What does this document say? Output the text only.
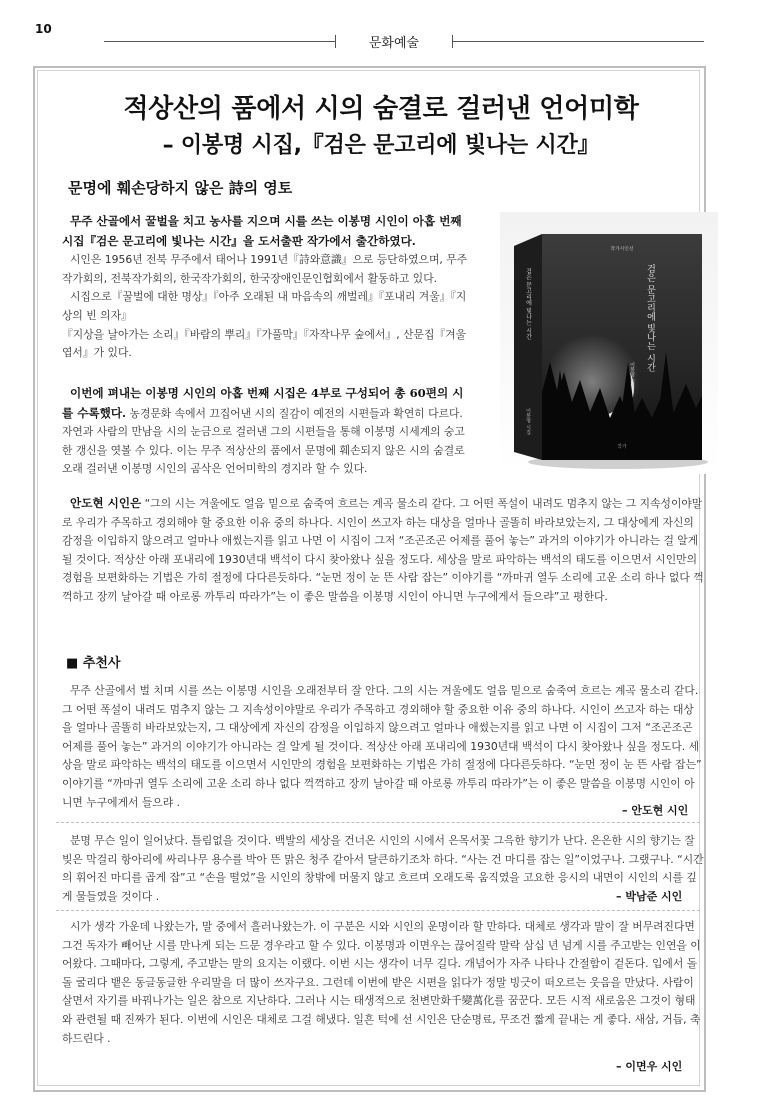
10
문화예술
적상산의 품에서 시의 숨결로 걸러낸 언어미학
– 이봉명 시집,『검은 문고리에 빛나는 시간』
문명에 훼손당하지 않은 詩의 영토

무주 산골에서 꿀벌을 치고 농사를 지으며 시를 쓰는 이봉명 시인이 아홉 번째 시집『검은 문고리에 빛나는 시간』을 도서출판 작가에서 출간하였다.

시인은 1956년 전북 무주에서 태어나 1991년『詩와意識』으로 등단하였으며, 무주작가회의, 전북작가회의, 한국작가회의, 한국장애인문인협회에서 활동하고 있다.

시집으로『꿀벌에 대한 명상』『아주 오래된 내 마음속의 깨벌레』『포내리 겨울』『지상의 빈 의자』

『지상을 날아가는 소리』『바람의 뿌리』『가풀막』『자작나무 숲에서』, 산문집『겨울엽서』가 있다.

이번에 펴내는 이봉명 시인의 아홉 번째 시집은 4부로 구성되어 총 60편의 시를 수록했다. 농경문화 속에서 끄집어낸 시의 질감이 예전의 시편들과 확연히 다르다. 자연과 사람의 만남을 시의 눈금으로 걸러낸 그의 시편들을 통해 이봉명 시세계의 숭고한 갱신을 엿볼 수 있다. 이는 무주 적상산의 품에서 문명에 훼손되지 않은 시의 숨결로 오래 걸러낸 이봉명 시인의 곰삭은 언어미학의 경지라 할 수 있다.

검은 문고리에 빛나는 시간
이봉명 시집
작가시인선
검은 문고리에 빛나는 시간
이봉명 시집
작가

안도현 시인은 “그의 시는 겨울에도 얼음 밑으로 숨죽여 흐르는 계곡 물소리 같다. 그 어떤 폭설이 내려도 멈추지 않는 그 지속성이야말로 우리가 주목하고 경외해야 할 중요한 이유 중의 하나다. 시인이 쓰고자 하는 대상을 얼마나 골똘히 바라보았는지, 그 대상에게 자신의 감정을 이입하지 않으려고 얼마나 애썼는지를 읽고 나면 이 시집이 그저 “조곤조곤 어제를 풀어 놓는” 과거의 이야기가 아니라는 걸 알게 될 것이다. 적상산 아래 포내리에 1930년대 백석이 다시 찾아왔나 싶을 정도다. 세상을 말로 파악하는 백석의 태도를 이으면서 시인만의 경험을 보편화하는 기법은 가히 절정에 다다른듯하다. “눈먼 정이 눈 뜬 사람 잡는” 이야기를 “까마귀 열두 소리에 고운 소리 하나 없다 꺽꺽하고 장끼 날아갈 때 아로롱 까투리 따라가”는 이 좋은 말씀을 이봉명 시인이 아니면 누구에게서 들으랴”고 평한다.

■ 추천사

무주 산골에서 벌 치며 시를 쓰는 이봉명 시인을 오래전부터 잘 안다. 그의 시는 겨울에도 얼음 밑으로 숨죽여 흐르는 계곡 물소리 같다. 그 어떤 폭설이 내려도 멈추지 않는 그 지속성이야말로 우리가 주목하고 경외해야 할 중요한 이유 중의 하나다. 시인이 쓰고자 하는 대상을 얼마나 골똘히 바라보았는지, 그 대상에게 자신의 감정을 이입하지 않으려고 얼마나 애썼는지를 읽고 나면 이 시집이 그저 “조곤조곤 어제를 풀어 놓는” 과거의 이야기가 아니라는 걸 알게 될 것이다. 적상산 아래 포내리에 1930년대 백석이 다시 찾아왔나 싶을 정도다. 세상을 말로 파악하는 백석의 태도를 이으면서 시인만의 경험을 보편화하는 기법은 가히 절정에 다다른듯하다. “눈먼 정이 눈 뜬 사람 잡는” 이야기를 “까마귀 열두 소리에 고운 소리 하나 없다 꺽꺽하고 장끼 날아갈 때 아로롱 까투리 따라가”는 이 좋은 말씀을 이봉명 시인이 아니면 누구에게서 들으랴 .

– 안도현 시인

분명 무슨 일이 일어났다. 틀림없을 것이다. 백발의 세상을 건너온 시인의 시에서 은목서꽃 그윽한 향기가 난다. 은은한 시의 향기는 잘 빚은 막걸리 항아리에 싸리나무 용수를 박아 뜬 맑은 청주 같아서 달큰하기조차 하다. “사는 건 마디를 잡는 일”이었구나. 그랬구나. “시간의 휘어진 마디를 곱게 잡”고 “손을 떨었”을 시인의 창밖에 머물지 않고 흐르며 오래도록 움직였을 고요한 응시의 내면이 시인의 시를 깊게 물들였을 것이다 .	– 박남준 시인

시가 생각 가운데 나왔는가, 말 중에서 흘러나왔는가. 이 구분은 시와 시인의 운명이라 할 만하다. 대체로 생각과 말이 잘 버무려진다면 그건 독자가 빼어난 시를 만나게 되는 드문 경우라고 할 수 있다. 이봉명과 이면우는 끊어질락 말락 삼십 년 넘게 시를 주고받는 인연을 이어왔다. 그때마다, 그렇게, 주고받는 말의 요지는 이랬다. 이번 시는 생각이 너무 길다. 개념어가 자주 나타나 간절함이 겉돈다. 입에서 돌돌 굴리다 뱉은 동글동글한 우리말을 더 많이 쓰자구요. 그런데 이번에 받은 시편을 읽다가 정말 빙긋이 떠오르는 웃음을 만났다. 사람이 살면서 자기를 바꿔나가는 일은 참으로 지난하다. 그러나 시는 태생적으로 천변만화千變萬化를 꿈꾼다. 모든 시적 새로움은 그것이 형태와 관련될 때 진짜가 된다. 이번에 시인은 대체로 그걸 해냈다. 일흔 턱에 선 시인은 단순명료, 무조건 짧게 끝내는 게 좋다. 새삼, 거듭, 축하드린다 .

– 이면우 시인
